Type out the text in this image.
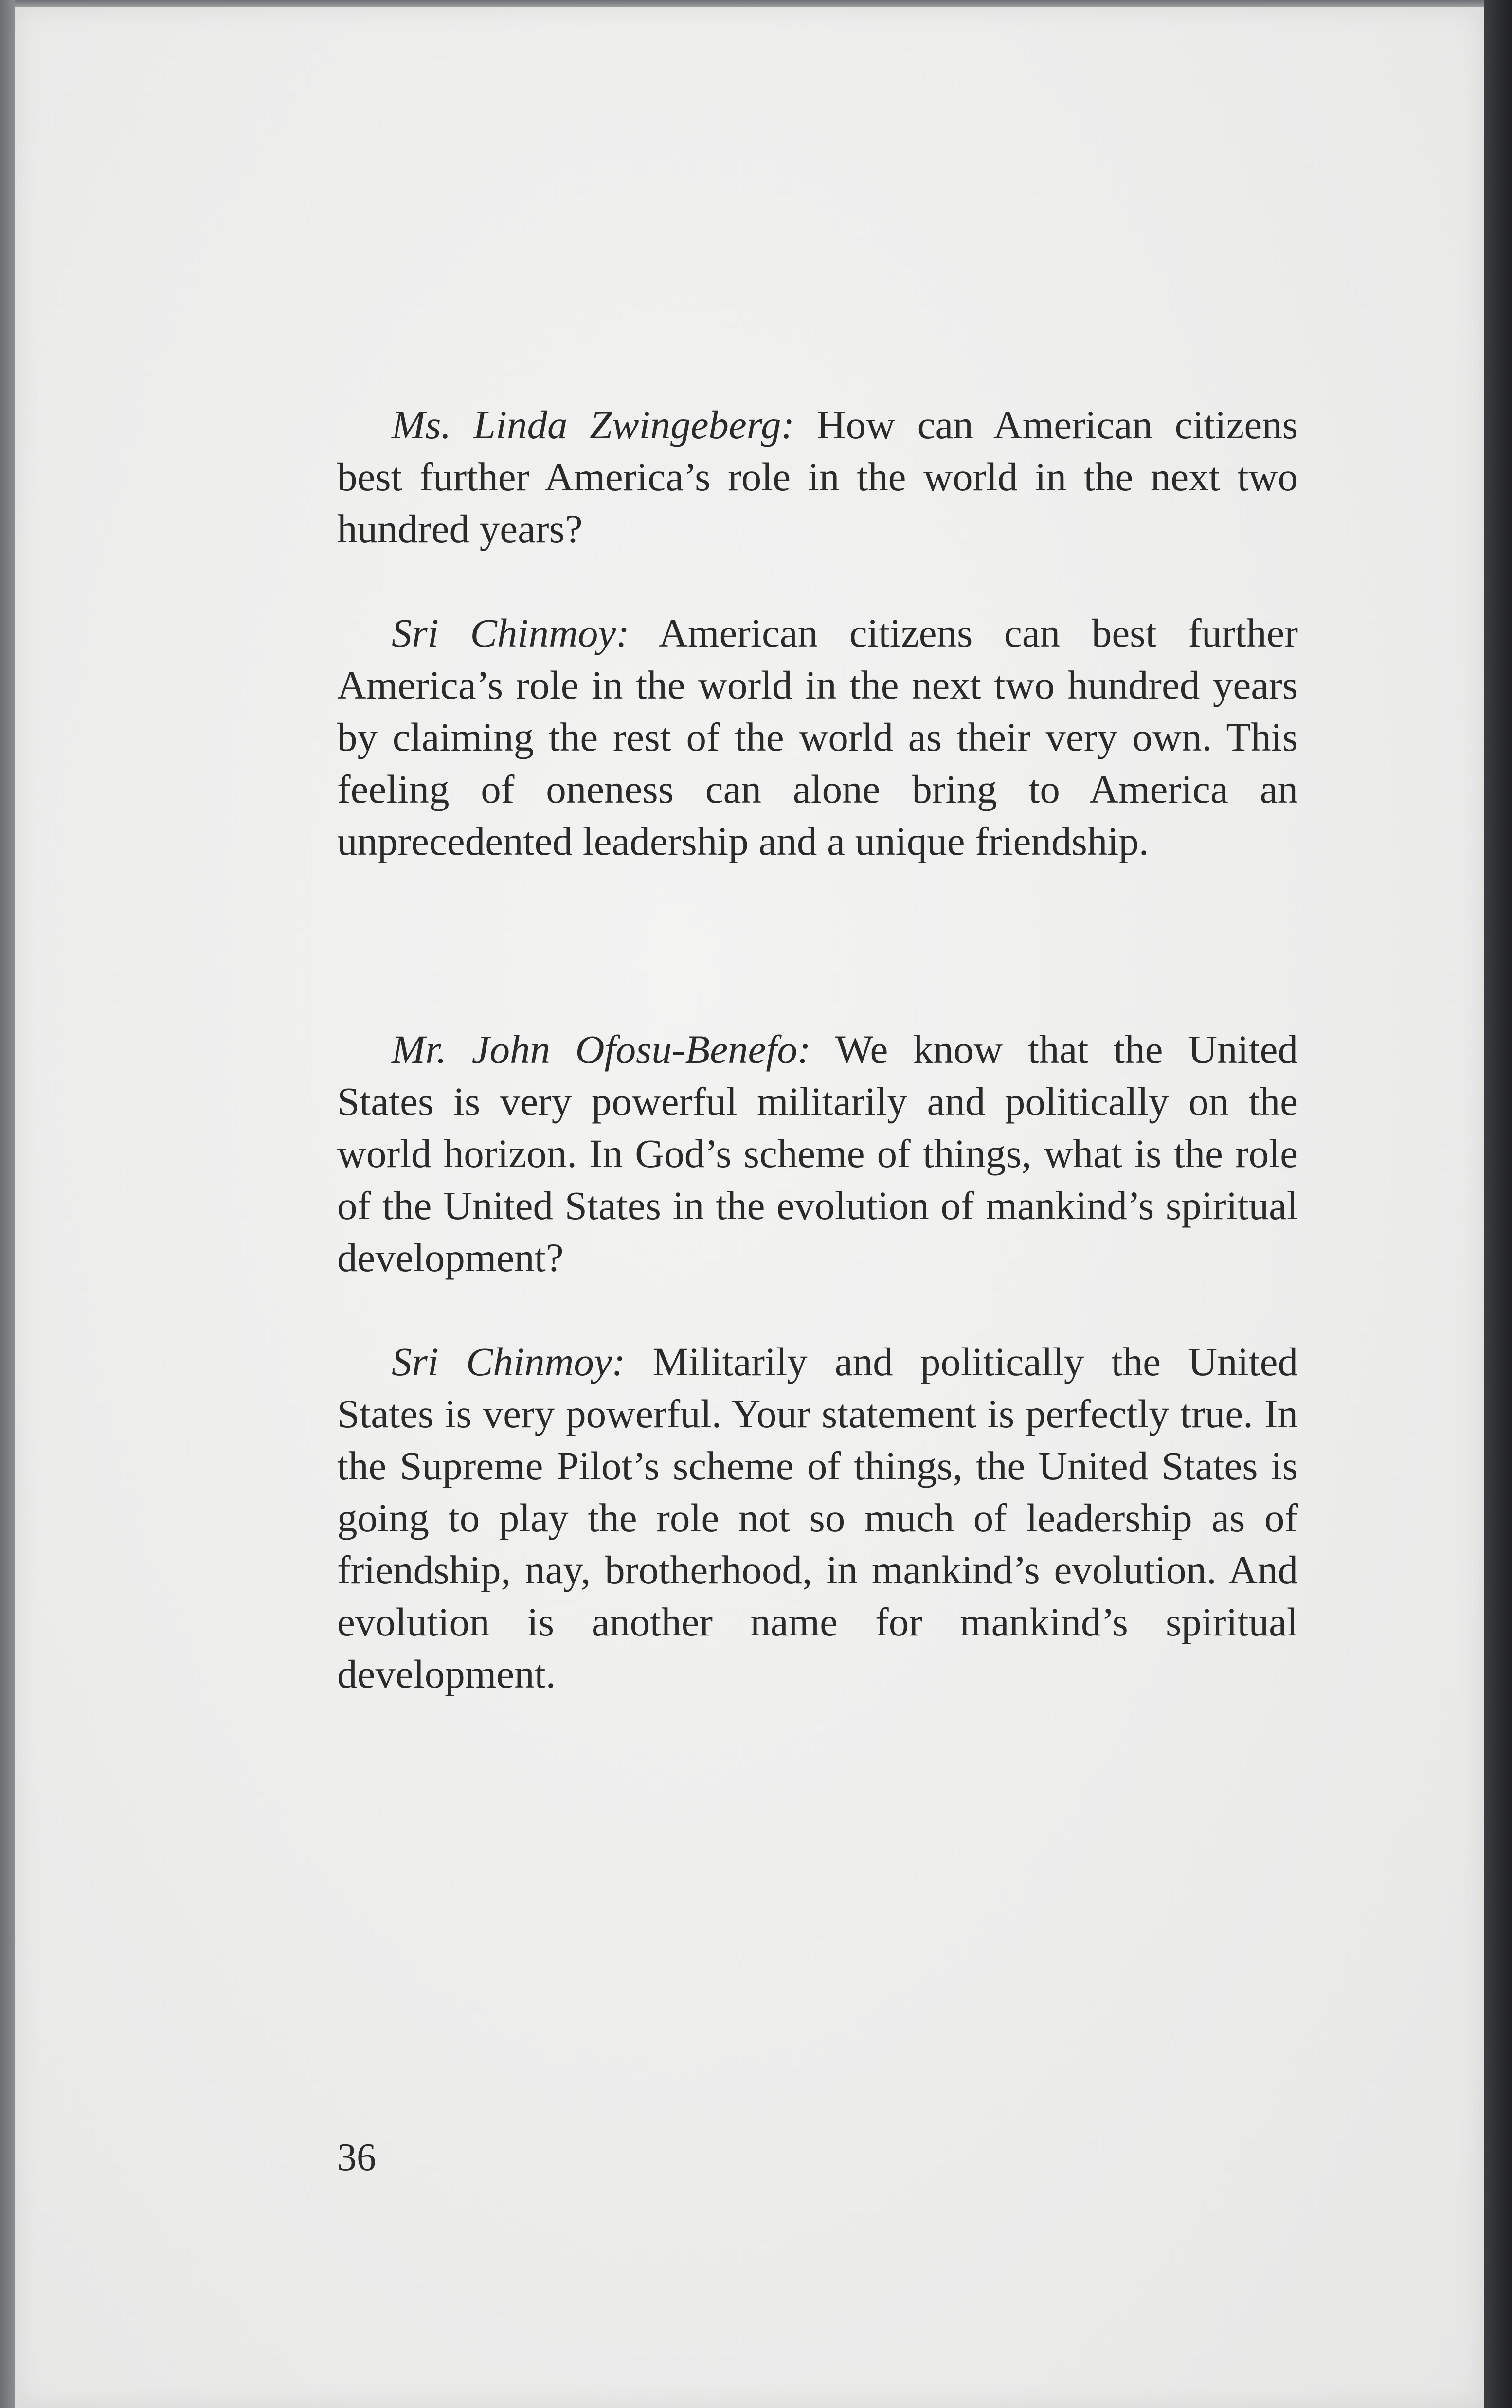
Ms. Linda Zwingeberg: How can American citizens best further America’s role in the world in the next two hundred years?

Sri Chinmoy: American citizens can best further America’s role in the world in the next two hundred years by claiming the rest of the world as their very own. This feeling of oneness can alone bring to America an unprecedented leadership and a unique friendship.

Mr. John Ofosu-Benefo: We know that the United States is very powerful militarily and politically on the world horizon. In God’s scheme of things, what is the role of the United States in the evolution of mankind’s spiritual development?

Sri Chinmoy: Militarily and politically the United States is very powerful. Your statement is perfectly true. In the Supreme Pilot’s scheme of things, the United States is going to play the role not so much of leadership as of friendship, nay, brotherhood, in mankind’s evolution. And evolution is another name for mankind’s spiritual development.

36
